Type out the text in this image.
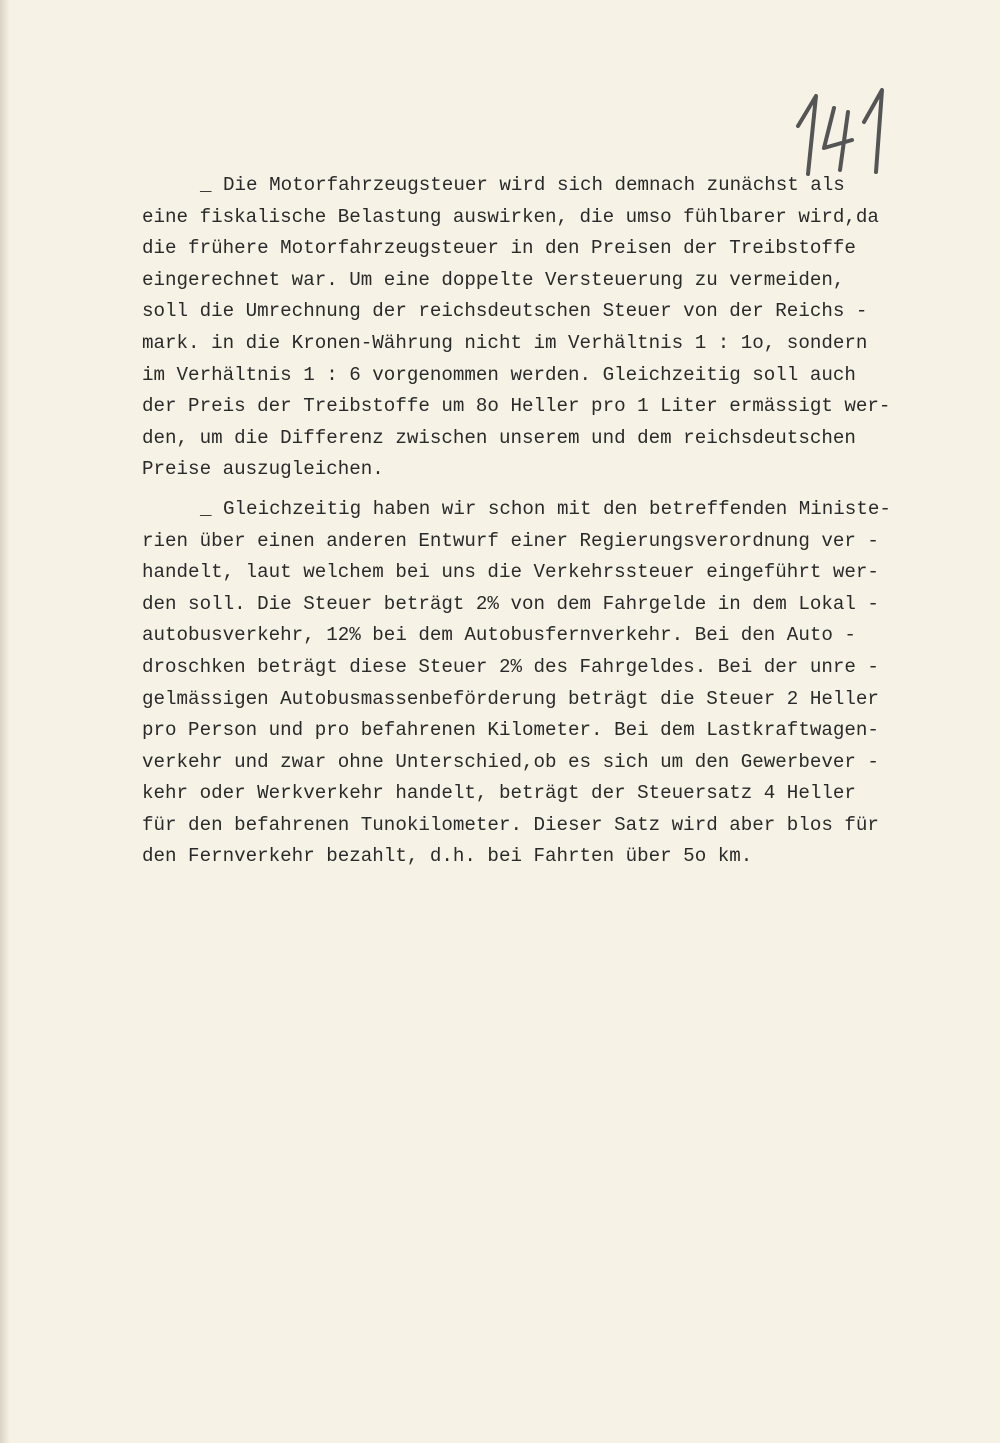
_ Die Motorfahrzeugsteuer wird sich demnach zunächst als
eine fiskalische Belastung auswirken, die umso fühlbarer wird,da
die frühere Motorfahrzeugsteuer in den Preisen der Treibstoffe
eingerechnet war. Um eine doppelte Versteuerung zu vermeiden,
soll die Umrechnung der reichsdeutschen Steuer von der Reichs -
mark. in die Kronen-Währung nicht im Verhältnis 1 : 1o, sondern
im Verhältnis 1 : 6 vorgenommen werden. Gleichzeitig soll auch
der Preis der Treibstoffe um 8o Heller pro 1 Liter ermässigt wer-
den, um die Differenz zwischen unserem und dem reichsdeutschen
Preise auszugleichen.
_ Gleichzeitig haben wir schon mit den betreffenden Ministe-
rien über einen anderen Entwurf einer Regierungsverordnung ver -
handelt, laut welchem bei uns die Verkehrssteuer eingeführt wer-
den soll. Die Steuer beträgt 2% von dem Fahrgelde in dem Lokal -
autobusverkehr, 12% bei dem Autobusfernverkehr. Bei den Auto -
droschken beträgt diese Steuer 2% des Fahrgeldes. Bei der unre -
gelmässigen Autobusmassenbeförderung beträgt die Steuer 2 Heller
pro Person und pro befahrenen Kilometer. Bei dem Lastkraftwagen-
verkehr und zwar ohne Unterschied,ob es sich um den Gewerbever -
kehr oder Werkverkehr handelt, beträgt der Steuersatz 4 Heller
für den befahrenen Tunokilometer. Dieser Satz wird aber blos für
den Fernverkehr bezahlt, d.h. bei Fahrten über 5o km.
